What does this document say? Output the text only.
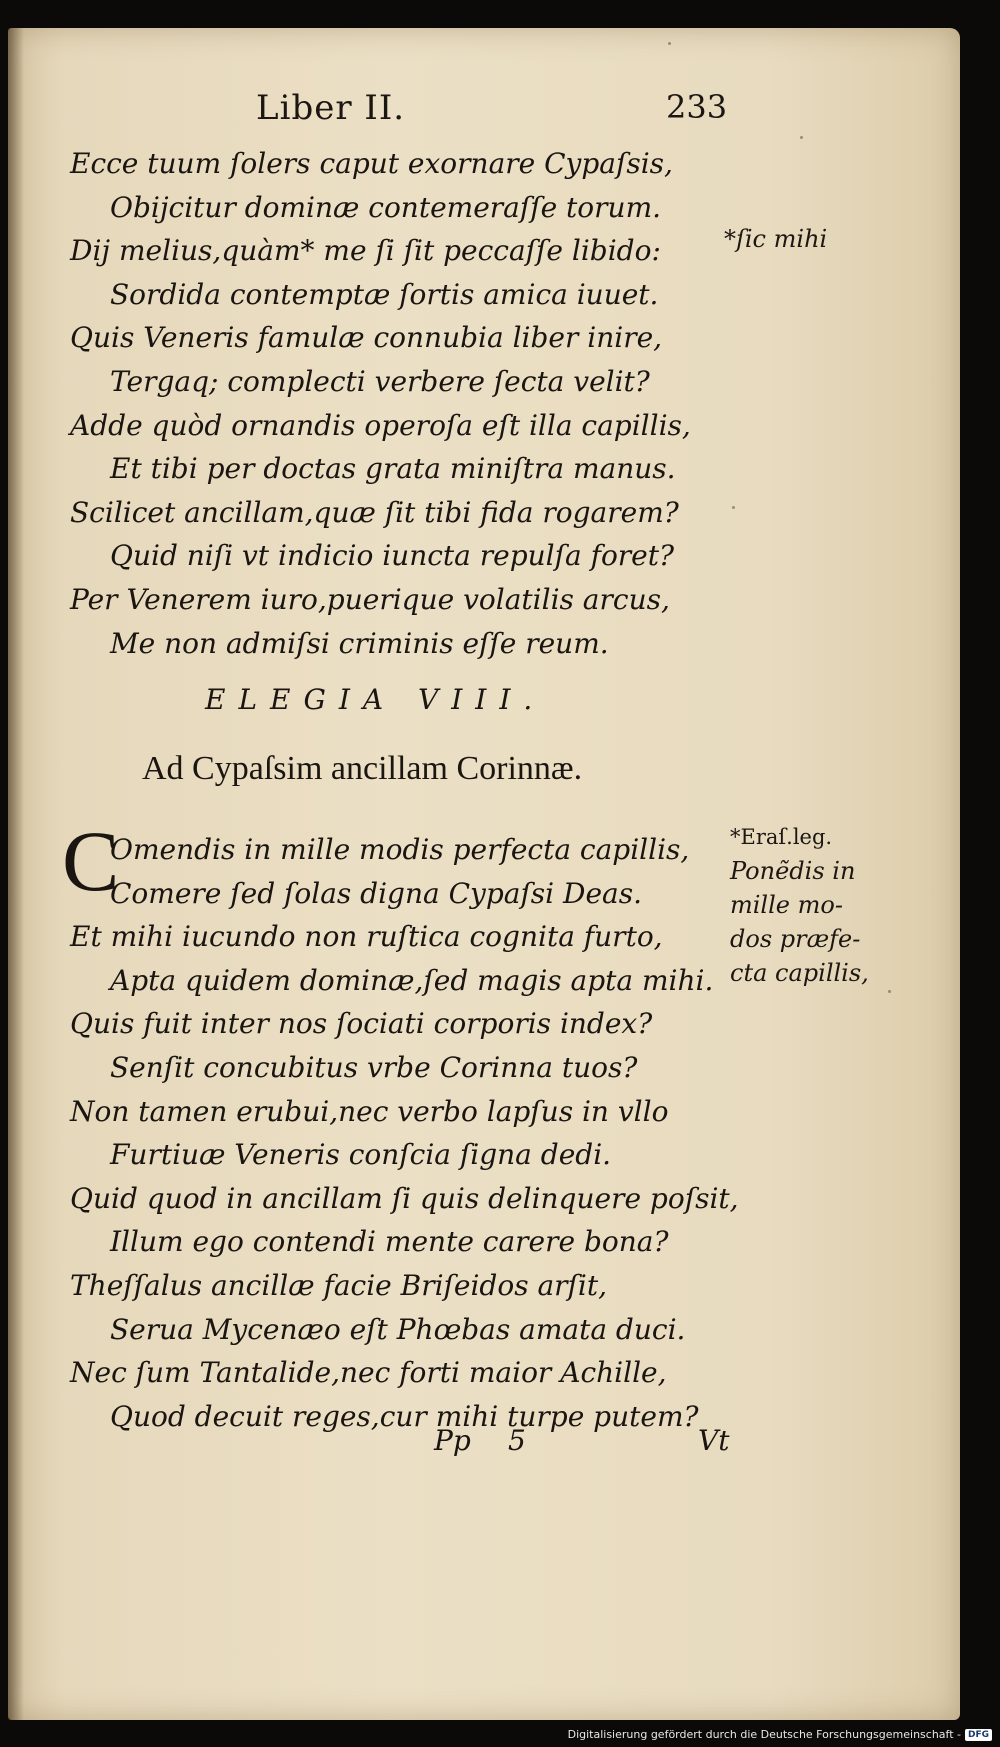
Liber II.	233
Ecce tuum ſolers caput exornare Cypaſsis,
Obijcitur dominæ contemeraſſe torum.
Dij melius,quàm* me ſi ſit peccaſſe libido:
Sordida contemptæ ſortis amica iuuet.
Quis Veneris famulæ connubia liber inire,
Tergaq; complecti verbere ſecta velit?
Adde quòd ornandis operoſa eſt illa capillis,
Et tibi per doctas grata miniſtra manus.
Scilicet ancillam,quæ ſit tibi fida rogarem?
Quid niſi vt indicio iuncta repulſa foret?
Per Venerem iuro,puerique volatilis arcus,
Me non admiſsi criminis eſſe reum.
*ſic mihi
ELEGIA VIII.
Ad Cypaſsim ancillam Corinnæ.
C
Omendis in mille modis perfecta capillis,
Comere ſed ſolas digna Cypaſsi Deas.
Et mihi iucundo non ruſtica cognita furto,
Apta quidem dominæ,ſed magis apta mihi.
Quis fuit inter nos ſociati corporis index?
Senſit concubitus vrbe Corinna tuos?
Non tamen erubui,nec verbo lapſus in vllo
Furtiuæ Veneris conſcia ſigna dedi.
Quid quod in ancillam ſi quis delinquere poſsit,
Illum ego contendi mente carere bona?
Theſſalus ancillæ facie Briſeidos arſit,
Serua Mycenæo eſt Phœbas amata duci.
Nec ſum Tantalide,nec forti maior Achille,
Quod decuit reges,cur mihi turpe putem?
*Eraſ.leg.
Ponẽdis in
mille mo-
dos præfe-
cta capillis,
Pp 5	Vt
Digitalisierung gefördert durch die Deutsche Forschungsgemeinschaft - DFG
